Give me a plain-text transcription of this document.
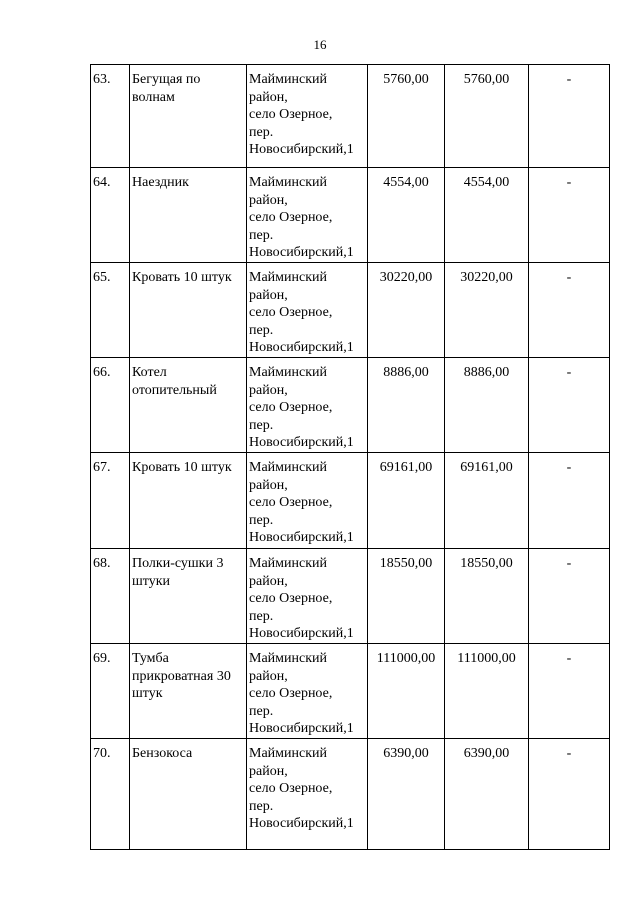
16
63.	Бегущая по волнам	Майминский
район,
село Озерное,
пер.
Новосибирский,1	5760,00	5760,00	-
64.	Наездник	Майминский
район,
село Озерное,
пер.
Новосибирский,1	4554,00	4554,00	-
65.	Кровать 10 штук	Майминский
район,
село Озерное,
пер.
Новосибирский,1	30220,00	30220,00	-
66.	Котел отопительный	Майминский
район,
село Озерное,
пер.
Новосибирский,1	8886,00	8886,00	-
67.	Кровать 10 штук	Майминский
район,
село Озерное,
пер.
Новосибирский,1	69161,00	69161,00	-
68.	Полки-сушки 3 штуки	Майминский
район,
село Озерное,
пер.
Новосибирский,1	18550,00	18550,00	-
69.	Тумба прикроватная 30 штук	Майминский
район,
село Озерное,
пер.
Новосибирский,1	111000,00	111000,00	-
70.	Бензокоса	Майминский
район,
село Озерное,
пер.
Новосибирский,1	6390,00	6390,00	-
